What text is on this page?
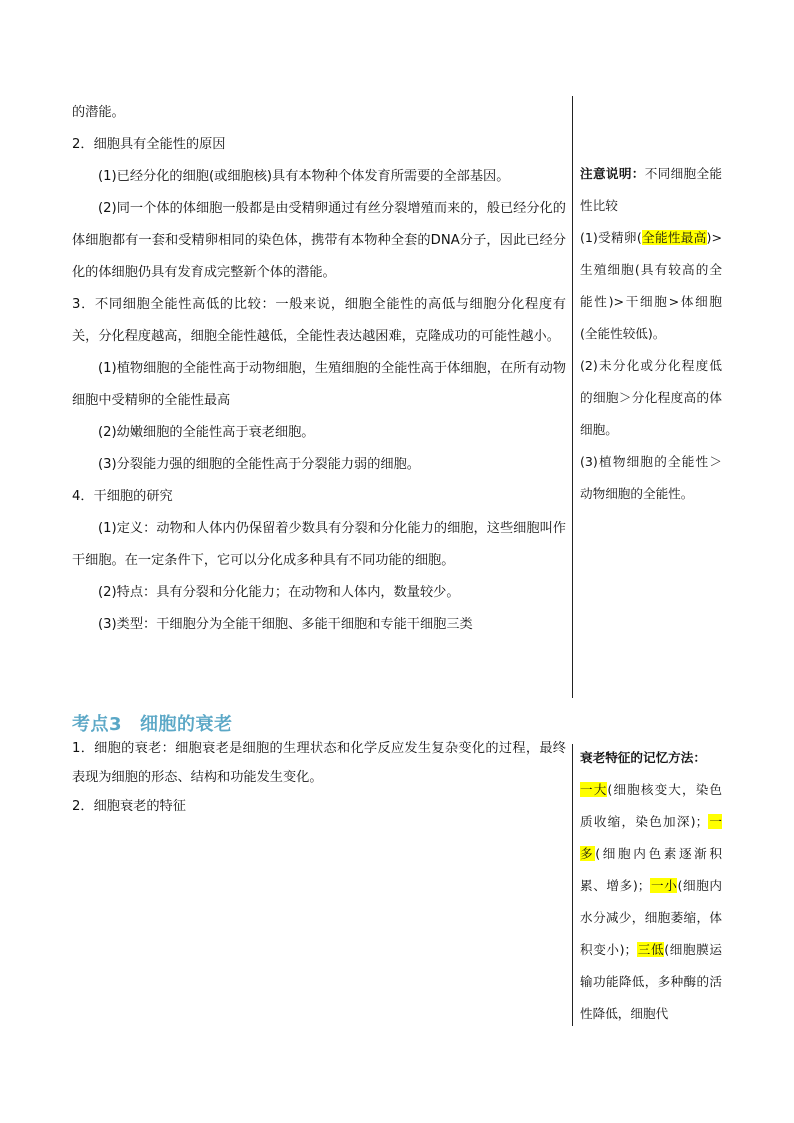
的潜能。

2．细胞具有全能性的原因

(1)已经分化的细胞(或细胞核)具有本物种个体发育所需要的全部基因。

(2)同一个体的体细胞一般都是由受精卵通过有丝分裂增殖而来的，般已经分化的体细胞都有一套和受精卵相同的染色体，携带有本物种全套的DNA分子，因此已经分化的体细胞仍具有发育成完整新个体的潜能。

3．不同细胞全能性高低的比较：一般来说，细胞全能性的高低与细胞分化程度有关，分化程度越高，细胞全能性越低，全能性表达越困难，克隆成功的可能性越小。

(1)植物细胞的全能性高于动物细胞，生殖细胞的全能性高于体细胞，在所有动物细胞中受精卵的全能性最高

(2)幼嫩细胞的全能性高于衰老细胞。

(3)分裂能力强的细胞的全能性高于分裂能力弱的细胞。

4．干细胞的研究

(1)定义：动物和人体内仍保留着少数具有分裂和分化能力的细胞，这些细胞叫作干细胞。在一定条件下，它可以分化成多种具有不同功能的细胞。

(2)特点：具有分裂和分化能力；在动物和人体内，数量较少。

(3)类型：干细胞分为全能干细胞、多能干细胞和专能干细胞三类

注意说明：不同细胞全能性比较
(1)受精卵(全能性最高)>生殖细胞(具有较高的全能性)>干细胞>体细胞(全能性较低)。
(2)未分化或分化程度低的细胞＞分化程度高的体细胞。
(3)植物细胞的全能性＞动物细胞的全能性。
考点3 细胞的衰老

1．细胞的衰老：细胞衰老是细胞的生理状态和化学反应发生复杂变化的过程，最终表现为细胞的形态、结构和功能发生变化。

2．细胞衰老的特征

衰老特征的记忆方法：
一大(细胞核变大，染色质收缩，染色加深)；一多(细胞内色素逐渐积累、增多)；一小(细胞内水分减少，细胞萎缩，体积变小)；三低(细胞膜运输功能降低，多种酶的活性降低，细胞代
